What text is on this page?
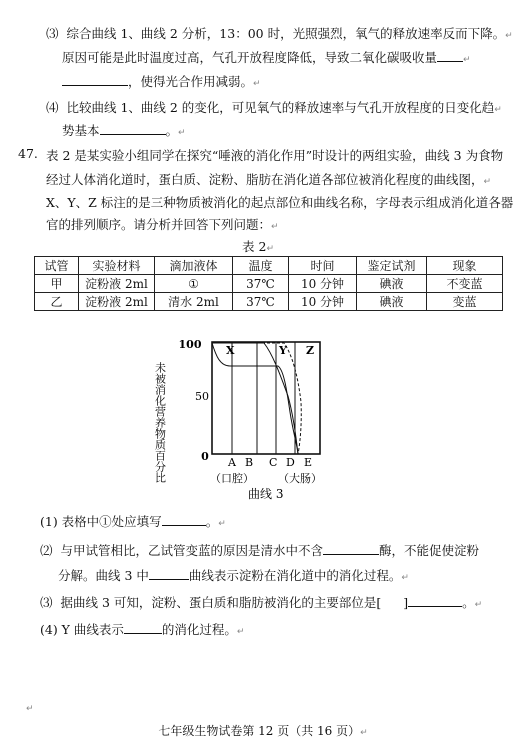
⑶ 综合曲线 1、曲线 2 分析，13：00 时，光照强烈，氧气的释放速率反而下降。↵
原因可能是此时温度过高，气孔开放程度降低，导致二氧化碳吸收量	↵
，使得光合作用减弱。↵
⑷ 比较曲线 1、曲线 2 的变化，可见氧气的释放速率与气孔开放程度的日变化趋↵
势基本	。↵
47. 表 2 是某实验小组同学在探究“唾液的消化作用”时设计的两组实验，曲线 3 为食物
经过人体消化道时，蛋白质、淀粉、脂肪在消化道各部位被消化程度的曲线图，↵
X、Y、Z 标注的是三种物质被消化的起点部位和曲线名称，字母表示组成消化道各器
官的排列顺序。请分析并回答下列问题：↵
表 2↵
试管	实验材料	滴加液体	温度	时间	鉴定试剂	现象
甲	淀粉液 2ml	①	37℃	10 分钟	碘液	不变蓝
乙	淀粉液 2ml	清水 2ml	37℃	10 分钟	碘液	变蓝
未被消化营养物质百分比
100
50
0
X	Y Z
A B C D E
（口腔） （大肠）
曲线 3
(1) 表格中①处应填写	。↵
⑵ 与甲试管相比，乙试管变蓝的原因是清水中不含	酶，不能促使淀粉
分解。曲线 3 中	曲线表示淀粉在消化道中的消化过程。↵
⑶ 据曲线 3 可知，淀粉、蛋白质和脂肪被消化的主要部位是[ ]	。↵
(4) Y 曲线表示	的消化过程。↵
↵
七年级生物试卷第 12 页（共 16 页）↵
